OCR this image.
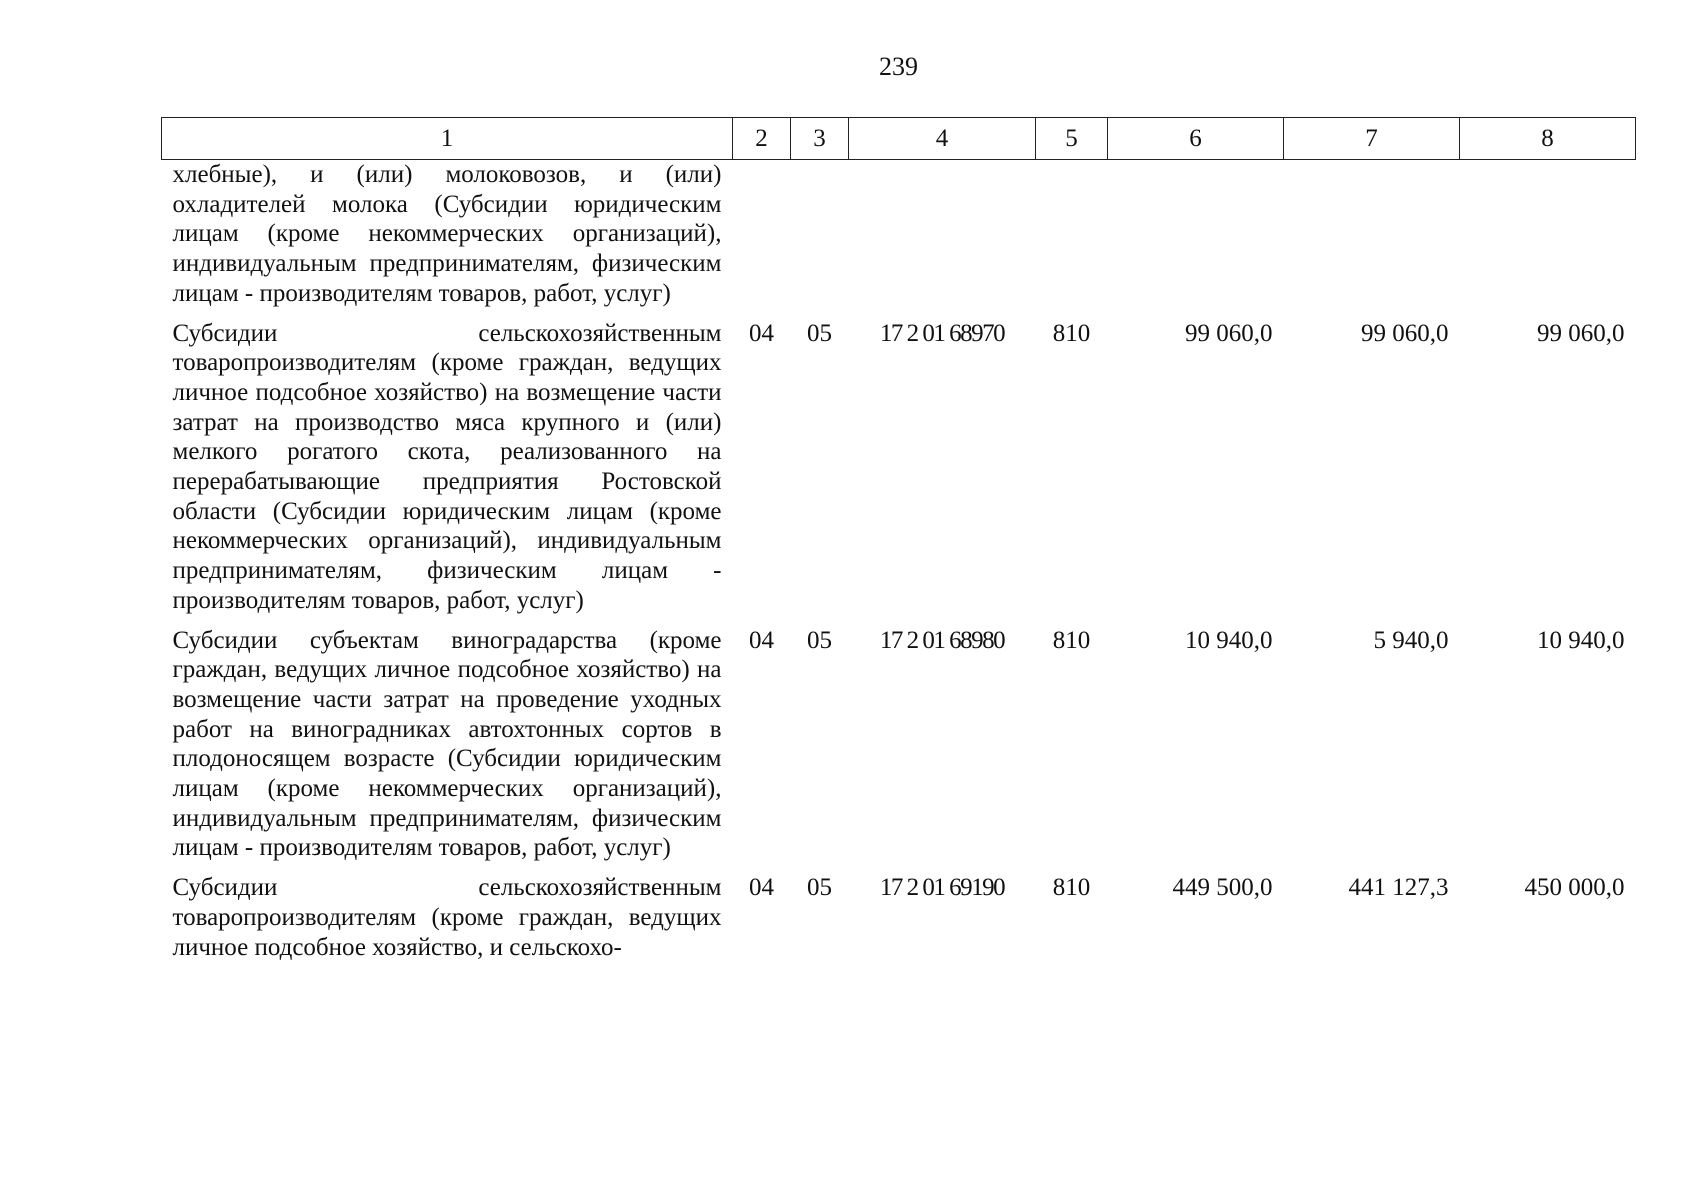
239
1	2	3	4	5	6	7	8
хлебные), и (или) молоковозов, и (или) охладителей молока (Субсидии юридическим лицам (кроме некоммерческих организаций), индивидуальным предпринимателям, физическим лицам - производителям товаров, работ, услуг)							
Субсидии сельскохозяйственным товаропроизводителям (кроме граждан, ведущих личное подсобное хозяйство) на возмещение части затрат на производство мяса крупного и (или) мелкого рогатого скота, реализованного на перерабатывающие предприятия Ростовской области (Субсидии юридическим лицам (кроме некоммерческих организаций), индивидуальным предпринимателям, физическим лицам - производителям товаров, работ, услуг)	04	05	17 2 01 68970	810	99 060,0	99 060,0	99 060,0
Субсидии субъектам виноградарства (кроме граждан, ведущих личное подсобное хозяйство) на возмещение части затрат на проведение уходных работ на виноградниках автохтонных сортов в плодоносящем возрасте (Субсидии юридическим лицам (кроме некоммерческих организаций), индивидуальным предпринимателям, физическим лицам - производителям товаров, работ, услуг)	04	05	17 2 01 68980	810	10 940,0	5 940,0	10 940,0
Субсидии сельскохозяйственным товаропроизводителям (кроме граждан, ведущих личное подсобное хозяйство, и сельскохо-	04	05	17 2 01 69190	810	449 500,0	441 127,3	450 000,0
